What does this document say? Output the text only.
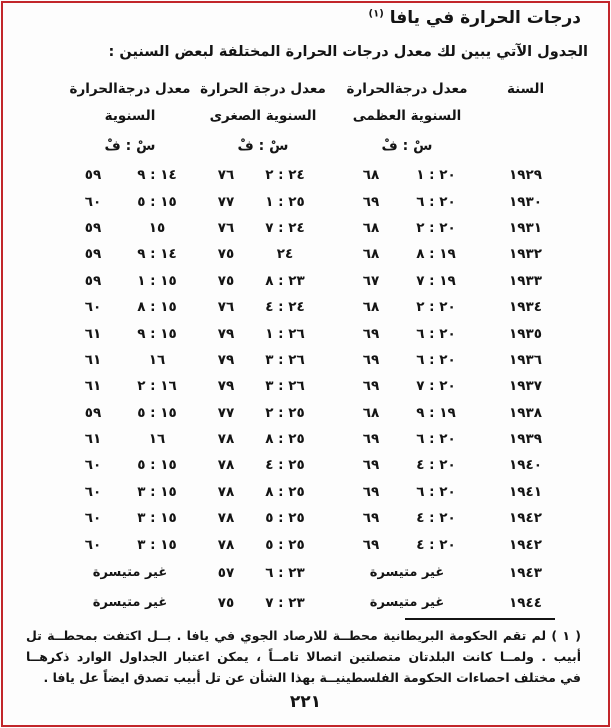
درجات الحرارة في يافا $^{(١)}$
الجدول الآتي يبين لك معدل درجات الحرارة المختلفة لبعض السنين :
السنة
معدل درجةالحرارة
معدل درجة الحرارة
معدل درجةالحرارة
السنوية العظمى
السنوية الصغرى
السنوية
سْ : فْ
سْ : فْ
سْ : فْ
١٩٢٩
٢٠ : ١
٦٨
٢٤ : ٢
٧٦
١٤ : ٩
٥٩
١٩٣٠
٢٠ : ٦
٦٩
٢٥ : ١
٧٧
١٥ : ٥
٦٠
١٩٣١
٢٠ : ٢
٦٨
٢٤ : ٧
٧٦
١٥
٥٩
١٩٣٢
١٩ : ٨
٦٨
٢٤
٧٥
١٤ : ٩
٥٩
١٩٣٣
١٩ : ٧
٦٧
٢٣ : ٨
٧٥
١٥ : ١
٥٩
١٩٣٤
٢٠ : ٢
٦٨
٢٤ : ٤
٧٦
١٥ : ٨
٦٠
١٩٣٥
٢٠ : ٦
٦٩
٢٦ : ١
٧٩
١٥ : ٩
٦١
١٩٣٦
٢٠ : ٦
٦٩
٢٦ : ٣
٧٩
١٦
٦١
١٩٣٧
٢٠ : ٧
٦٩
٢٦ : ٣
٧٩
١٦ : ٢
٦١
١٩٣٨
١٩ : ٩
٦٨
٢٥ : ٢
٧٧
١٥ : ٥
٥٩
١٩٣٩
٢٠ : ٦
٦٩
٢٥ : ٨
٧٨
١٦
٦١
١٩٤٠
٢٠ : ٤
٦٩
٢٥ : ٤
٧٨
١٥ : ٥
٦٠
١٩٤١
٢٠ : ٦
٦٩
٢٥ : ٨
٧٨
١٥ : ٣
٦٠
١٩٤٢
٢٠ : ٤
٦٩
٢٥ : ٥
٧٨
١٥ : ٣
٦٠
١٩٤٢
٢٠ : ٤
٦٩
٢٥ : ٥
٧٨
١٥ : ٣
٦٠
١٩٤٣
غير متيسرة
٢٣ : ٦
٥٧
غير متيسرة
١٩٤٤
غير متيسرة
٢٣ : ٧
٧٥
غير متيسرة
( ١ ) لم تقم الحكومة البريطانية محطــة للارصاد الجوي في يافا . بــل اكتفت بمحطــة تل
أبيب . ولمــا كانت البلدتان متصلتين اتصالا تامــاً ، يمكن اعتبار الجداول الوارد ذكرهــا
في مختلف احصاءات الحكومة الفلسطينيــة بهذا الشأن عن تل أبيب تصدق ايضاً عل يافا .
٢٢١
